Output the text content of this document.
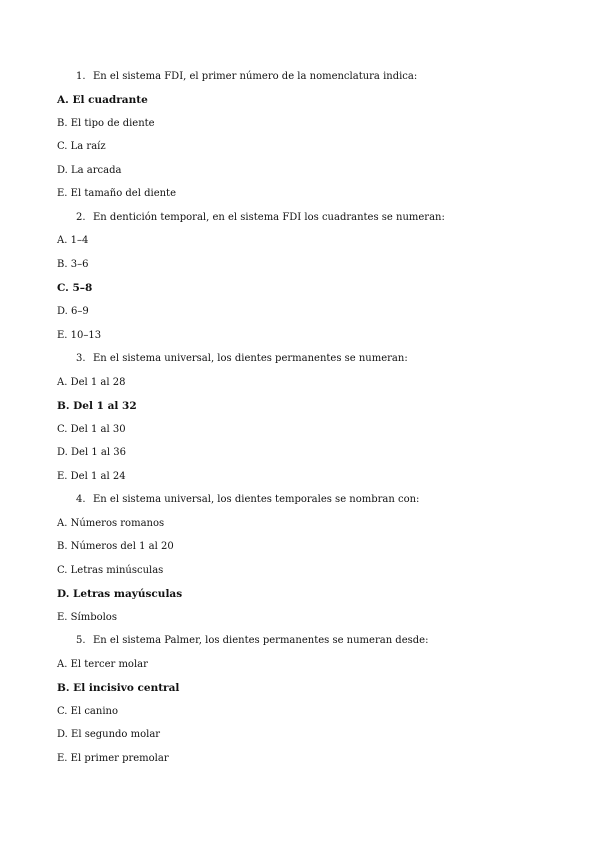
1. En el sistema FDI, el primer número de la nomenclatura indica:
A. El cuadrante
B. El tipo de diente
C. La raíz
D. La arcada
E. El tamaño del diente
2. En dentición temporal, en el sistema FDI los cuadrantes se numeran:
A. 1–4
B. 3–6
C. 5–8
D. 6–9
E. 10–13
3. En el sistema universal, los dientes permanentes se numeran:
A. Del 1 al 28
B. Del 1 al 32
C. Del 1 al 30
D. Del 1 al 36
E. Del 1 al 24
4. En el sistema universal, los dientes temporales se nombran con:
A. Números romanos
B. Números del 1 al 20
C. Letras minúsculas
D. Letras mayúsculas
E. Símbolos
5. En el sistema Palmer, los dientes permanentes se numeran desde:
A. El tercer molar
B. El incisivo central
C. El canino
D. El segundo molar
E. El primer premolar
